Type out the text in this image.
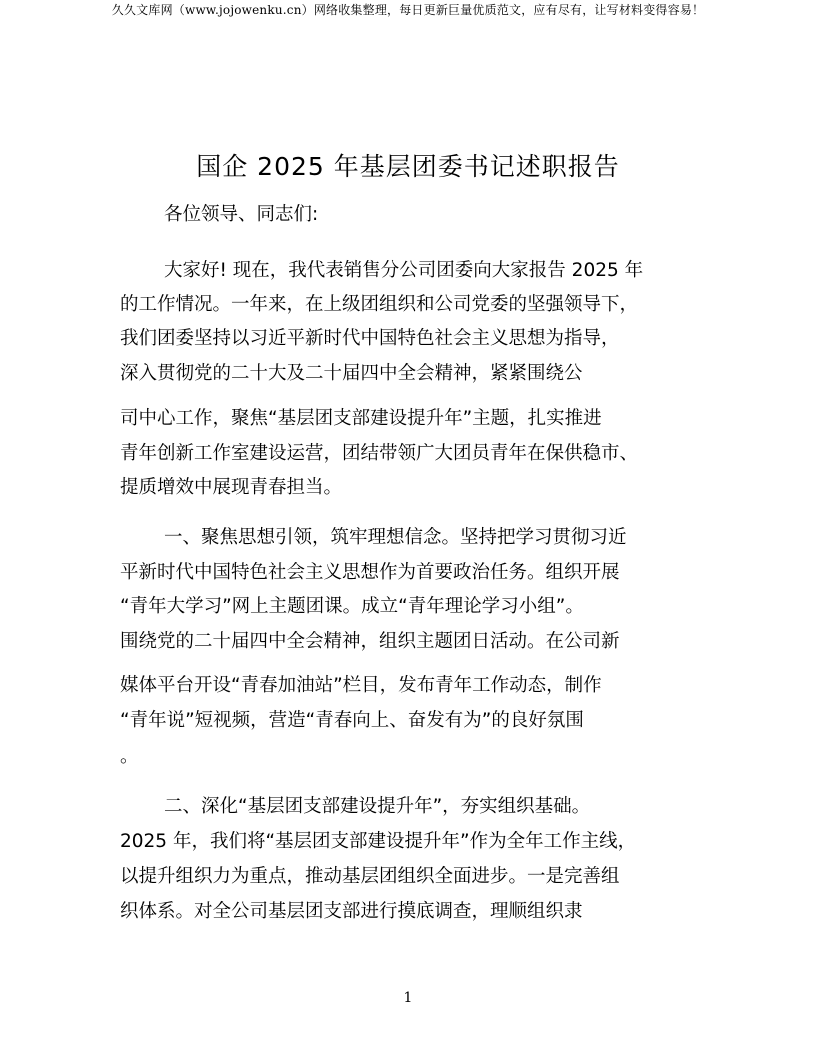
久久文库网（www.jojowenku.cn）网络收集整理，每日更新巨量优质范文，应有尽有，让写材料变得容易！
国企 2025 年基层团委书记述职报告
各位领导、同志们:
大家好! 现在，我代表销售分公司团委向大家报告 2025 年
的工作情况。一年来，在上级团组织和公司党委的坚强领导下，
我们团委坚持以习近平新时代中国特色社会主义思想为指导，
深入贯彻党的二十大及二十届四中全会精神，紧紧围绕公
司中心工作，聚焦“基层团支部建设提升年”主题，扎实推进
青年创新工作室建设运营，团结带领广大团员青年在保供稳市、
提质增效中展现青春担当。
一、聚焦思想引领，筑牢理想信念。坚持把学习贯彻习近
平新时代中国特色社会主义思想作为首要政治任务。组织开展
“青年大学习”网上主题团课。成立“青年理论学习小组”。
围绕党的二十届四中全会精神，组织主题团日活动。在公司新
媒体平台开设“青春加油站”栏目，发布青年工作动态，制作
“青年说”短视频，营造“青春向上、奋发有为”的良好氛围
。
二、深化“基层团支部建设提升年”，夯实组织基础。
2025 年，我们将“基层团支部建设提升年”作为全年工作主线，
以提升组织力为重点，推动基层团组织全面进步。一是完善组
织体系。对全公司基层团支部进行摸底调查，理顺组织隶
1
